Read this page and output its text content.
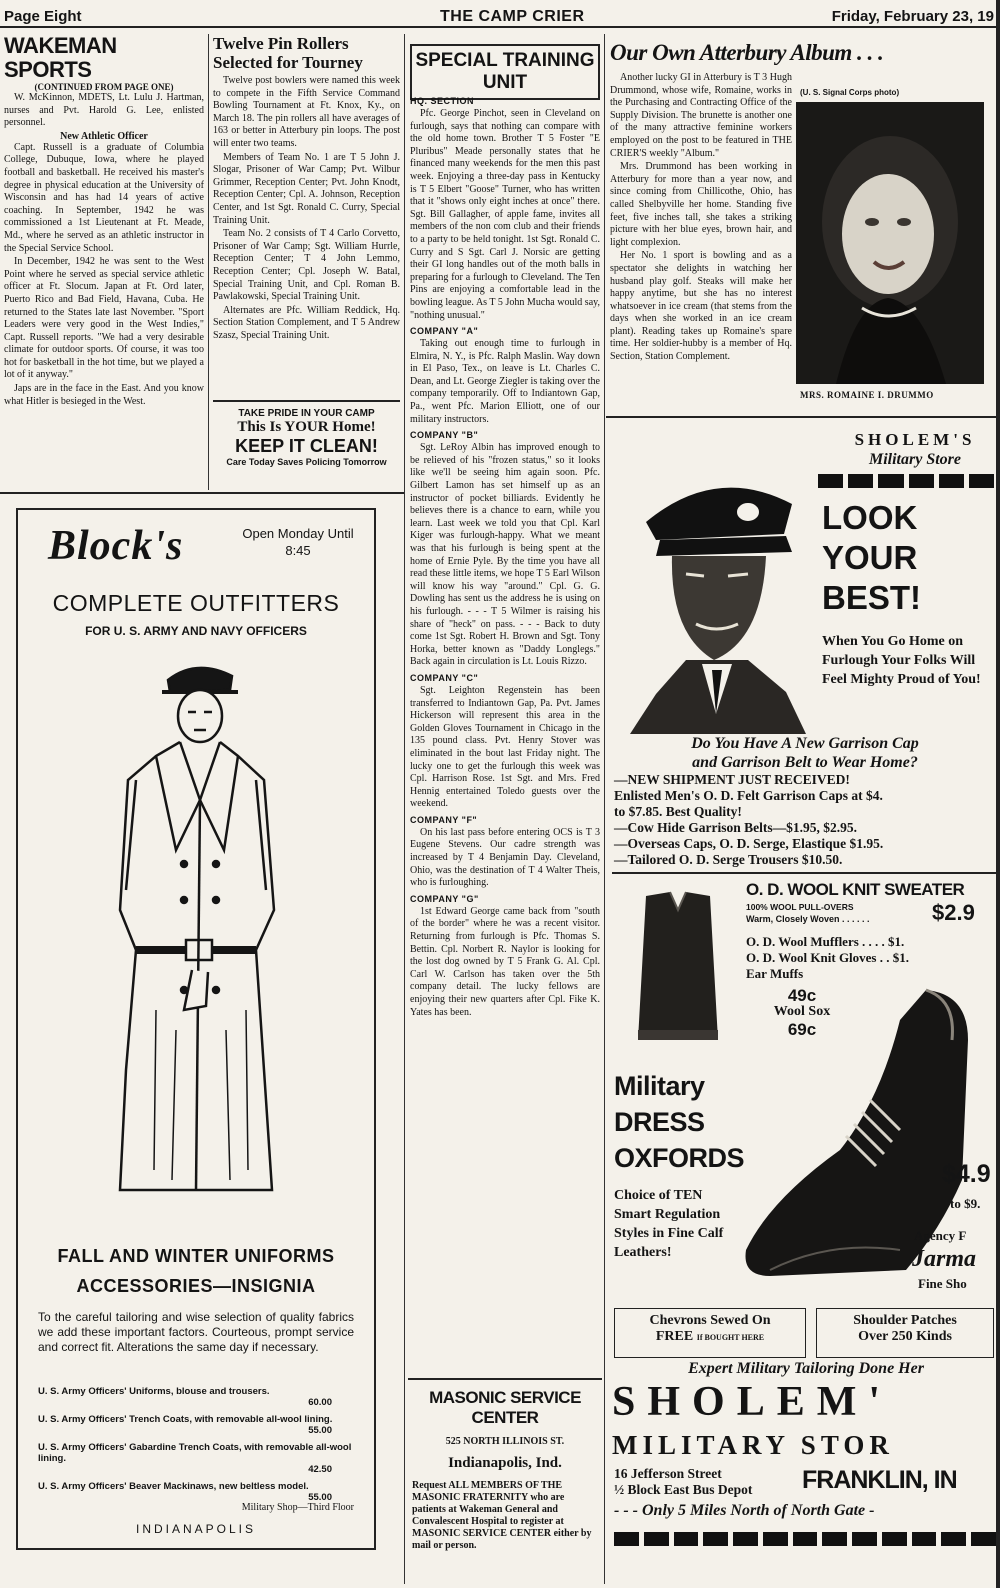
Page Eight	THE CAMP CRIER	Friday, February 23, 19
WAKEMAN SPORTS
(CONTINUED FROM PAGE ONE)

W. McKinnon, MDETS, Lt. Lulu J. Hartman, nurses and Pvt. Harold G. Lee, enlisted personnel.

New Athletic Officer

Capt. Russell is a graduate of Columbia College, Dubuque, Iowa, where he played football and basketball. He received his master's degree in physical education at the University of Wisconsin and has had 14 years of active coaching. In September, 1942 he was commissioned a 1st Lieutenant at Ft. Meade, Md., where he served as an athletic instructor in the Special Service School.

In December, 1942 he was sent to the West Point where he served as special service athletic officer at Ft. Slocum. Japan at Ft. Ord later, Puerto Rico and Bad Field, Havana, Cuba. He returned to the States late last November. "Sport Leaders were very good in the West Indies," Capt. Russell reports. "We had a very desirable climate for outdoor sports. Of course, it was too hot for basketball in the hot time, but we played a lot of it anyway."

Japs are in the face in the East. And you know what Hitler is besieged in the West.

Twelve Pin Rollers
Selected for Tourney

Twelve post bowlers were named this week to compete in the Fifth Service Command Bowling Tournament at Ft. Knox, Ky., on March 18. The pin rollers all have averages of 163 or better in Atterbury pin loops. The post will enter two teams.

Members of Team No. 1 are T 5 John J. Slogar, Prisoner of War Camp; Pvt. Wilbur Grimmer, Reception Center; Pvt. John Knodt, Reception Center; Cpl. A. Johnson, Reception Center, and 1st Sgt. Ronald C. Curry, Special Training Unit.

Team No. 2 consists of T 4 Carlo Corvetto, Prisoner of War Camp; Sgt. William Hurrle, Reception Center; T 4 John Lemmo, Reception Center; Cpl. Joseph W. Batal, Special Training Unit, and Cpl. Roman B. Pawlakowski, Special Training Unit.

Alternates are Pfc. William Reddick, Hq. Section Station Complement, and T 5 Andrew Szasz, Special Training Unit.

TAKE PRIDE IN YOUR CAMP
This Is YOUR Home!
KEEP IT CLEAN!
Care Today Saves Policing Tomorrow
SPECIAL TRAINING UNIT
HQ. SECTION

Pfc. George Pinchot, seen in Cleveland on furlough, says that nothing can compare with the old home town. Brother T 5 Foster "E Pluribus" Meade personally states that he financed many weekends for the men this past week. Enjoying a three-day pass in Kentucky is T 5 Elbert "Goose" Turner, who has written that it "shows only eight inches at once" there. Sgt. Bill Gallagher, of apple fame, invites all members of the non com club and their friends to a party to be held tonight. 1st Sgt. Ronald C. Curry and S Sgt. Carl J. Norsic are getting their GI long handles out of the moth balls in preparing for a furlough to Cleveland. The Ten Pins are enjoying a comfortable lead in the bowling league. As T 5 John Mucha would say, "nothing unusual."

COMPANY "A"

Taking out enough time to furlough in Elmira, N. Y., is Pfc. Ralph Maslin. Way down in El Paso, Tex., on leave is Lt. Charles C. Dean, and Lt. George Ziegler is taking over the company temporarily. Off to Indiantown Gap, Pa., went Pfc. Marion Elliott, one of our military instructors.

COMPANY "B"

Sgt. LeRoy Albin has improved enough to be relieved of his "frozen status," so it looks like we'll be seeing him again soon. Pfc. Gilbert Lamon has set himself up as an instructor of pocket billiards. Evidently he believes there is a chance to earn, while you learn. Last week we told you that Cpl. Karl Kiger was furlough-happy. What we meant was that his furlough is being spent at the home of Ernie Pyle. By the time you have all read these little items, we hope T 5 Earl Wilson will know his way "around." Cpl. G. G. Dowling has sent us the address he is using on his furlough. - - - T 5 Wilmer is raising his share of "heck" on pass. - - - Back to duty come 1st Sgt. Robert H. Brown and Sgt. Tony Horka, better known as "Daddy Longlegs." Back again in circulation is Lt. Louis Rizzo.

COMPANY "C"

Sgt. Leighton Regenstein has been transferred to Indiantown Gap, Pa. Pvt. James Hickerson will represent this area in the Golden Gloves Tournament in Chicago in the 135 pound class. Pvt. Henry Stover was eliminated in the bout last Friday night. The lucky one to get the furlough this week was Cpl. Harrison Rose. 1st Sgt. and Mrs. Fred Hennig entertained Toledo guests over the weekend.

COMPANY "F"

On his last pass before entering OCS is T 3 Eugene Stevens. Our cadre strength was increased by T 4 Benjamin Day. Cleveland, Ohio, was the destination of T 4 Walter Theis, who is furloughing.

COMPANY "G"

1st Edward George came back from "south of the border" where he was a recent visitor. Returning from furlough is Pfc. Thomas S. Bettin. Cpl. Norbert R. Naylor is looking for the lost dog owned by T 5 Frank G. Al. Cpl. Carl W. Carlson has taken over the 5th company detail. The lucky fellows are enjoying their new quarters after Cpl. Fike K. Yates has been.

MASONIC SERVICE CENTER
525 NORTH ILLINOIS ST.
Indianapolis, Ind.
Request ALL MEMBERS OF THE MASONIC FRATERNITY who are patients at Wakeman General and Convalescent Hospital to register at MASONIC SERVICE CENTER either by mail or person.
Our Own Atterbury Album . . .

Another lucky GI in Atterbury is T 3 Hugh Drummond, whose wife, Romaine, works in the Purchasing and Contracting Office of the Supply Division. The brunette is another one of the many attractive feminine workers employed on the post to be featured in THE CRIER'S weekly "Album."

Mrs. Drummond has been working in Atterbury for more than a year now, and since coming from Chillicothe, Ohio, has called Shelbyville her home. Standing five feet, five inches tall, she takes a striking picture with her blue eyes, brown hair, and light complexion.

Her No. 1 sport is bowling and as a spectator she delights in watching her husband play golf. Steaks will make her happy anytime, but she has no interest whatsoever in ice cream (that stems from the days when she worked in an ice cream plant). Reading takes up Romaine's spare time. Her soldier-hubby is a member of Hq. Section, Station Complement.

(U. S. Signal Corps photo)
MRS. ROMAINE I. DRUMMO
Block's	Open Monday Until
8:45
COMPLETE OUTFITTERS
FOR U. S. ARMY AND NAVY OFFICERS
FALL AND WINTER UNIFORMS
ACCESSORIES—INSIGNIA
To the careful tailoring and wise selection of quality fabrics we add these important factors. Courteous, prompt service and correct fit. Alterations the same day if necessary.
U. S. Army Officers' Uniforms, blouse and trousers.
60.00
U. S. Army Officers' Trench Coats, with removable all-wool lining.
55.00
U. S. Army Officers' Gabardine Trench Coats, with removable all-wool lining.
42.50
U. S. Army Officers' Beaver Mackinaws, new beltless model.
55.00
Military Shop—Third Floor
INDIANAPOLIS
SHOLEM'S
Military Store
LOOK
YOUR
BEST!
When You Go Home on Furlough Your Folks Will Feel Mighty Proud of You!
Do You Have A New Garrison Cap
and Garrison Belt to Wear Home?
—NEW SHIPMENT JUST RECEIVED!
Enlisted Men's O. D. Felt Garrison Caps at $4.
to $7.85. Best Quality!
—Cow Hide Garrison Belts—$1.95, $2.95.
—Overseas Caps, O. D. Serge, Elastique $1.95.
—Tailored O. D. Serge Trousers $10.50.
O. D. WOOL KNIT SWEATER
100% WOOL PULL-OVERS
Warm, Closely Woven . . . . . .	$2.9
O. D. Wool Mufflers . . . . $1.
O. D. Wool Knit Gloves . . $1.
Ear Muffs
49c
Wool Sox
69c
Military
DRESS
OXFORDS
Choice of TEN Smart Regulation Styles in Fine Calf Leathers!
$4.9
to $9.
Agency F
Jarma
Fine Sho
Chevrons Sewed On
FREE If BOUGHT HERE
Shoulder Patches
Over 250 Kinds
Expert Military Tailoring Done Her
SHOLEM'
MILITARY STOR
16 Jefferson Street
½ Block East Bus Depot	FRANKLIN, IN
- - - Only 5 Miles North of North Gate -
